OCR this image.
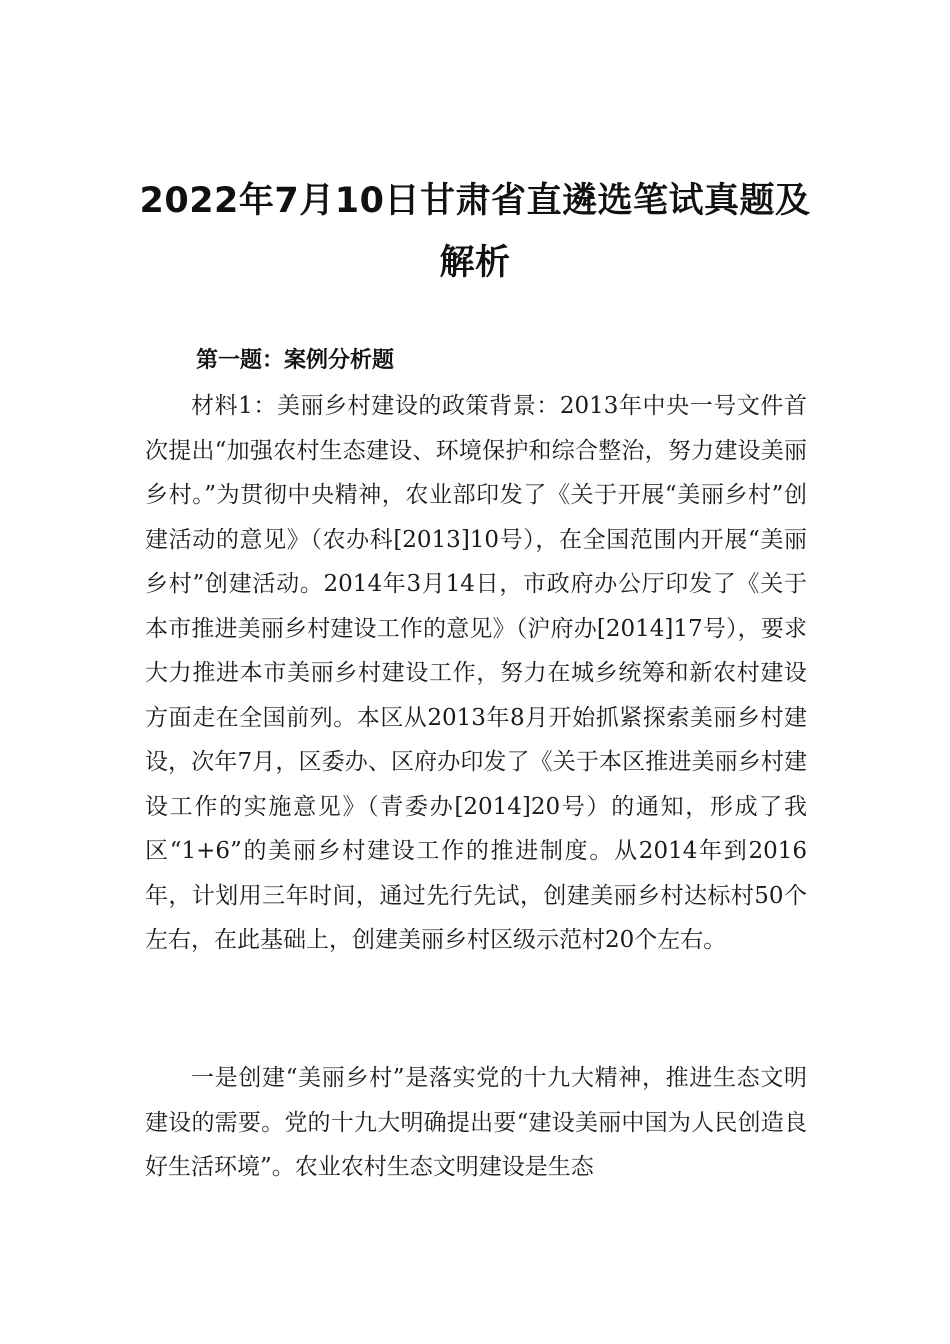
2022年7月10日甘肃省直遴选笔试真题及
解析
第一题：案例分析题

材料1：美丽乡村建设的政策背景：2013年中央一号文件首次提出“加强农村生态建设、环境保护和综合整治，努力建设美丽乡村。”为贯彻中央精神，农业部印发了《关于开展“美丽乡村”创建活动的意见》（农办科[2013]10号），在全国范围内开展“美丽乡村”创建活动。2014年3月14日，市政府办公厅印发了《关于本市推进美丽乡村建设工作的意见》（沪府办[2014]17号），要求大力推进本市美丽乡村建设工作，努力在城乡统筹和新农村建设方面走在全国前列。本区从2013年8月开始抓紧探索美丽乡村建设，次年7月，区委办、区府办印发了《关于本区推进美丽乡村建设工作的实施意见》（青委办[2014]20号）的通知，形成了我区“1+6”的美丽乡村建设工作的推进制度。从2014年到2016年，计划用三年时间，通过先行先试，创建美丽乡村达标村50个左右，在此基础上，创建美丽乡村区级示范村20个左右。

一是创建“美丽乡村”是落实党的十九大精神，推进生态文明建设的需要。党的十九大明确提出要“建设美丽中国为人民创造良好生活环境”。农业农村生态文明建设是生态
